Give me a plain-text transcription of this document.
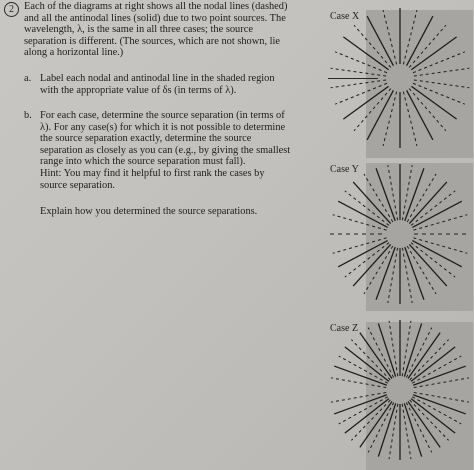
2 Each of the diagrams at right shows all the nodal lines (dashed)
and all the antinodal lines (solid) due to two point sources. The
wavelength, λ, is the same in all three cases; the source
separation is different. (The sources, which are not shown, lie
along a horizontal line.)
a. Label each nodal and antinodal line in the shaded region
with the appropriate value of δs (in terms of λ).
b. For each case, determine the source separation (in terms of
λ). For any case(s) for which it is not possible to determine
the source separation exactly, determine the source
separation as closely as you can (e.g., by giving the smallest
range into which the source separation must fall).
Hint: You may find it helpful to first rank the cases by
source separation.
Explain how you determined the source separations.
Case X
Case Y
Case Z
